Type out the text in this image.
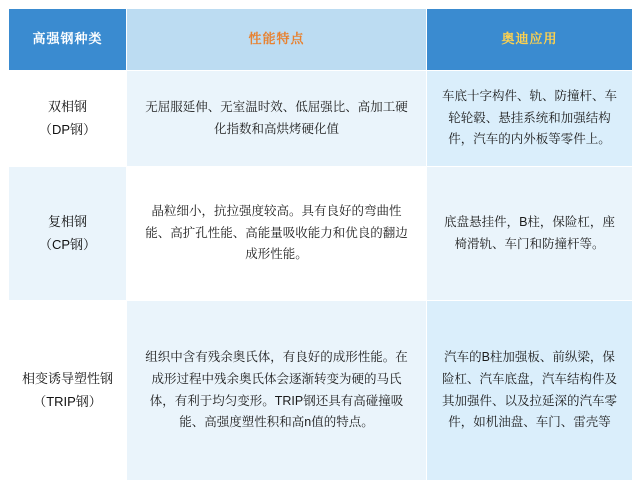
高强钢种类	性能特点	奥迪应用

双相钢
（DP钢）	无屈服延伸、无室温时效、低屈强比、高加工硬化指数和高烘烤硬化值	车底十字构件、轨、防撞杆、车轮轮毂、悬挂系统和加强结构件，汽车的内外板等零件上。

复相钢
（CP钢）	晶粒细小，抗拉强度较高。具有良好的弯曲性能、高扩孔性能、高能量吸收能力和优良的翻边成形性能。	底盘悬挂件，B柱，保险杠，座椅滑轨、车门和防撞杆等。

相变诱导塑性钢
（TRIP钢）	组织中含有残余奥氏体，有良好的成形性能。在成形过程中残余奥氏体会逐渐转变为硬的马氏体，有利于均匀变形。TRIP钢还具有高碰撞吸能、高强度塑性积和高n值的特点。	汽车的B柱加强板、前纵梁，保险杠、汽车底盘，汽车结构件及其加强件、以及拉延深的汽车零件，如机油盘、车门、雷壳等
